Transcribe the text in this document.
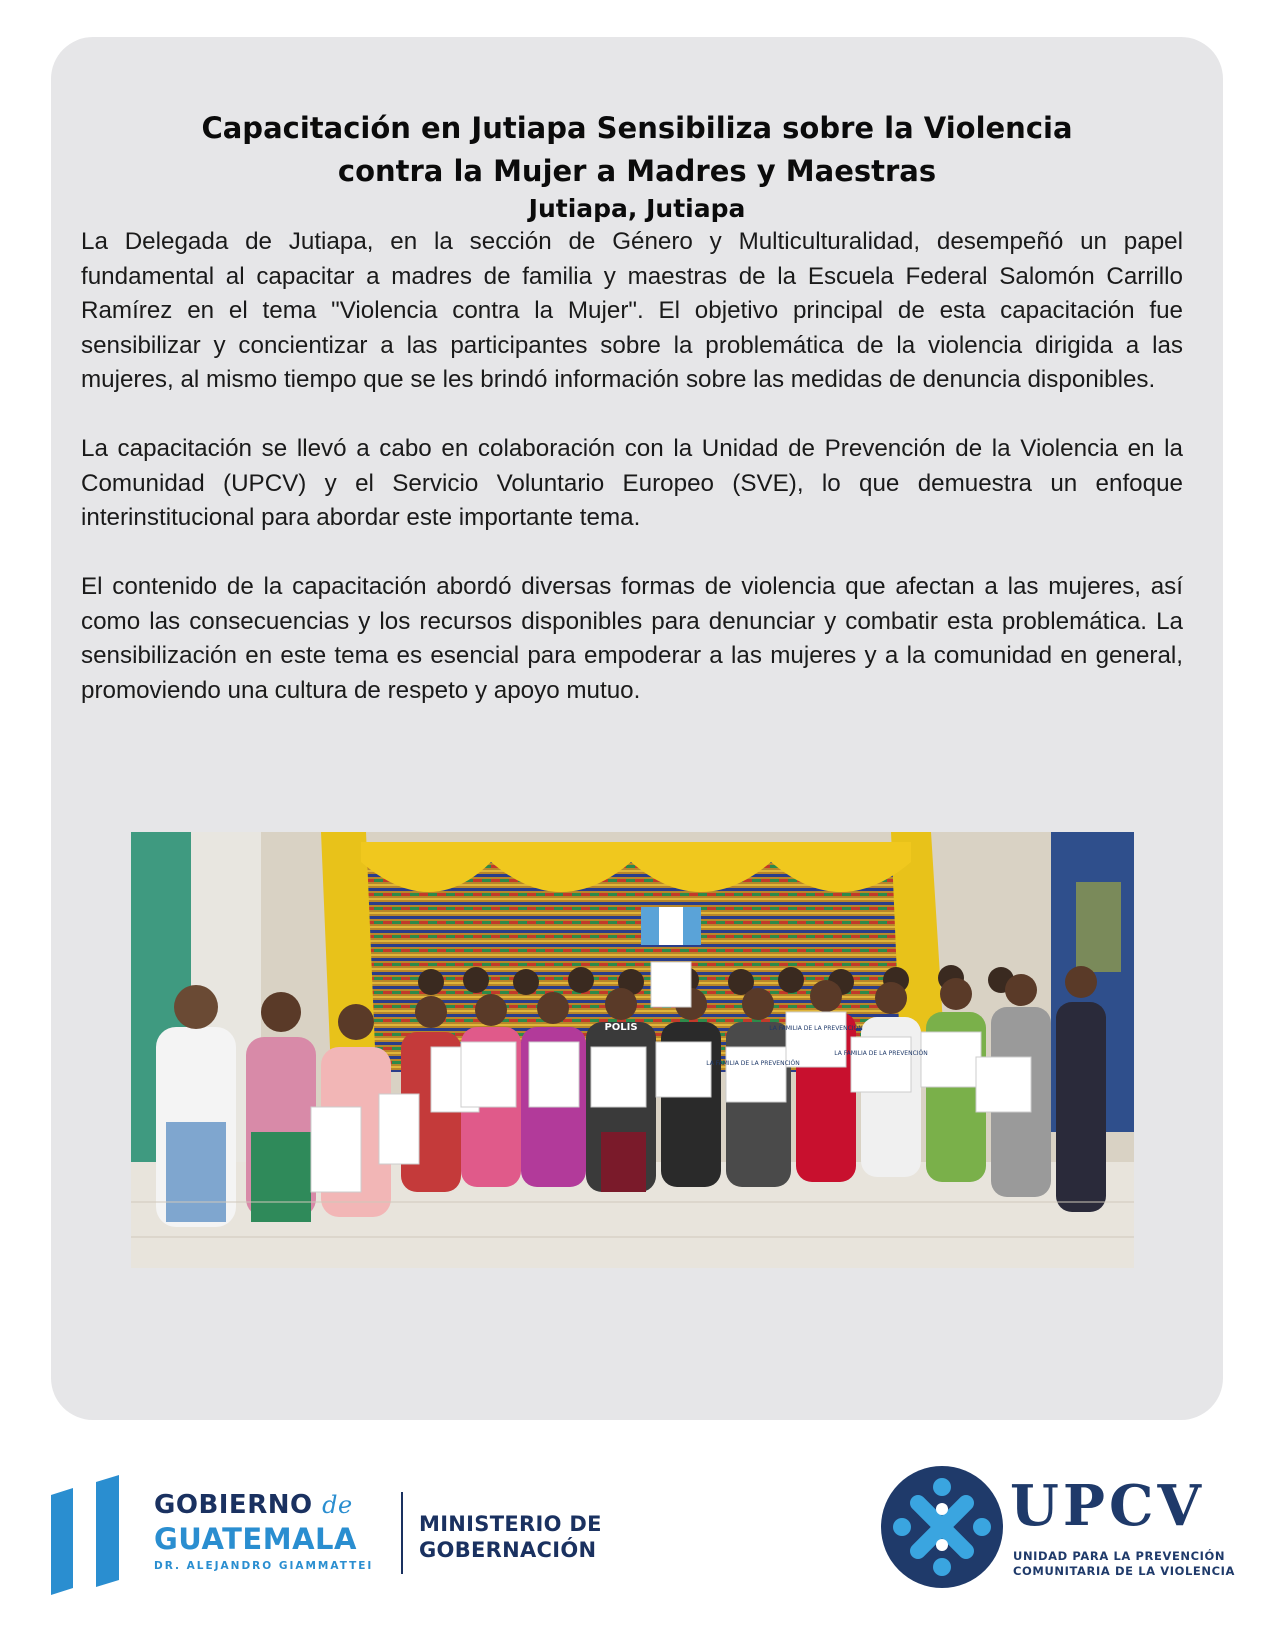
Capacitación en Jutiapa Sensibiliza sobre la Violencia
contra la Mujer a Madres y Maestras
Jutiapa, Jutiapa

La Delegada de Jutiapa, en la sección de Género y Multiculturalidad, desempeñó un papel fundamental al capacitar a madres de familia y maestras de la Escuela Federal Salomón Carrillo Ramírez en el tema "Violencia contra la Mujer". El objetivo principal de esta capacitación fue sensibilizar y concientizar a las participantes sobre la problemática de la violencia dirigida a las mujeres, al mismo tiempo que se les brindó información sobre las medidas de denuncia disponibles.

La capacitación se llevó a cabo en colaboración con la Unidad de Prevención de la Violencia en la Comunidad (UPCV) y el Servicio Voluntario Europeo (SVE), lo que demuestra un enfoque interinstitucional para abordar este importante tema.

El contenido de la capacitación abordó diversas formas de violencia que afectan a las mujeres, así como las consecuencias y los recursos disponibles para denunciar y combatir esta problemática. La sensibilización en este tema es esencial para empoderar a las mujeres y a la comunidad en general, promoviendo una cultura de respeto y apoyo mutuo.

LA FAMILIA DE LA PREVENCIÓN
LA FAMILIA DE LA PREVENCIÓN
LA FAMILIA DE LA PREVENCIÓN
POLIS
GOBIERNO de
GUATEMALA
DR. ALEJANDRO GIAMMATTEI
MINISTERIO DE
GOBERNACIÓN
UPCV
UNIDAD PARA LA PREVENCIÓN
COMUNITARIA DE LA VIOLENCIA
